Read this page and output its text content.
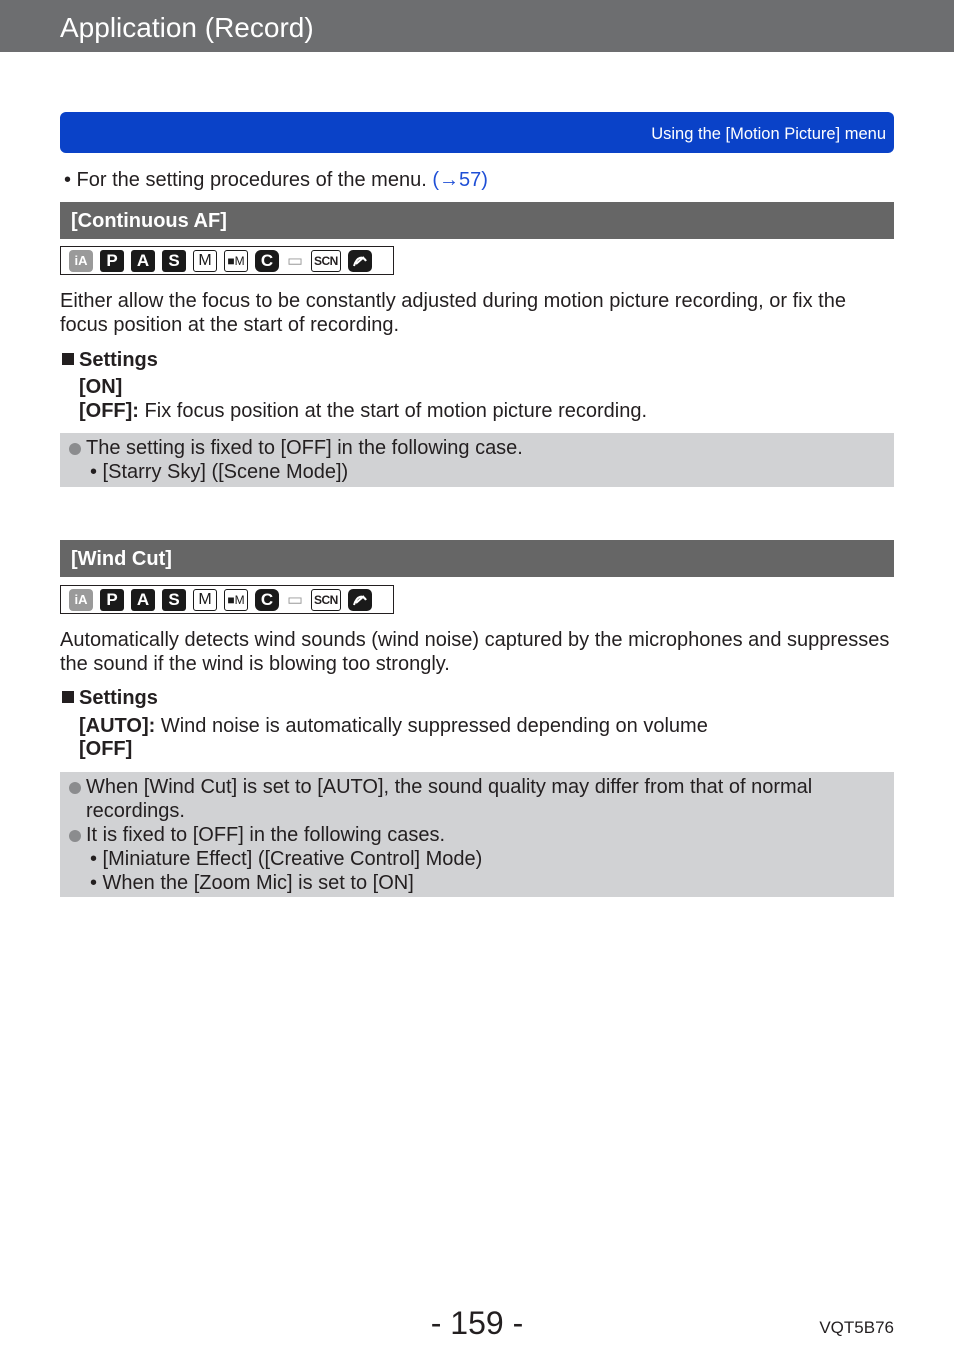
Application (Record)
Using the [Motion Picture] menu
• For the setting procedures of the menu. (→57)
[Continuous AF]
iA	P	A	S	M	■ M C ▭ SCN
Either allow the focus to be constantly adjusted during motion picture recording, or fix the focus position at the start of recording.
Settings
[ON]
[OFF]: Fix focus position at the start of motion picture recording.
The setting is fixed to [OFF] in the following case.
• [Starry Sky] ([Scene Mode])
[Wind Cut]
iA	P	A	S	M	■ M C ▭ SCN
Automatically detects wind sounds (wind noise) captured by the microphones and suppresses the sound if the wind is blowing too strongly.
Settings
[AUTO]: Wind noise is automatically suppressed depending on volume
[OFF]
When [Wind Cut] is set to [AUTO], the sound quality may differ from that of normal recordings.
It is fixed to [OFF] in the following cases.
• [Miniature Effect] ([Creative Control] Mode)
• When the [Zoom Mic] is set to [ON]
- 159 -	VQT5B76
